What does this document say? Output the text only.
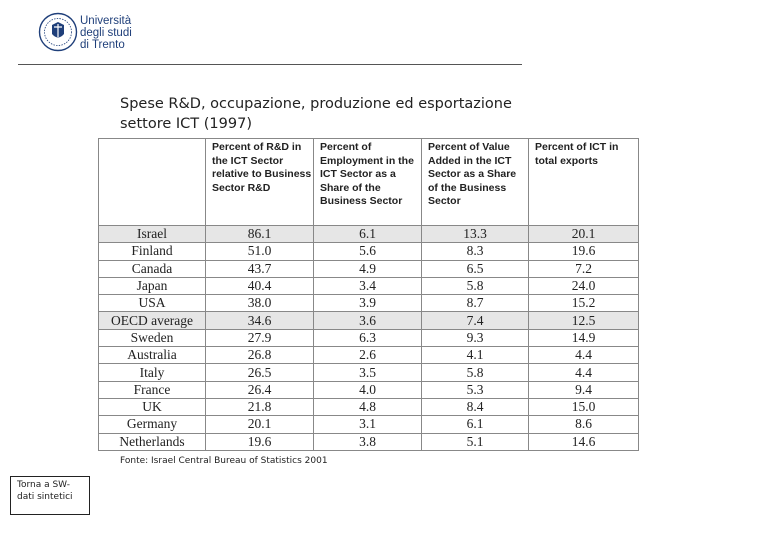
Università
degli studi
di Trento
Spese R&D, occupazione, produzione ed esportazione
settore ICT (1997)
	Percent of R&D in the ICT Sector relative to Business Sector R&D	Percent of Employment in the ICT Sector as a Share of the Business Sector	Percent of Value Added in the ICT Sector as a Share of the Business Sector	Percent of ICT in total exports
Israel	86.1	6.1	13.3	20.1
Finland	51.0	5.6	8.3	19.6
Canada	43.7	4.9	6.5	7.2
Japan	40.4	3.4	5.8	24.0
USA	38.0	3.9	8.7	15.2
OECD average	34.6	3.6	7.4	12.5
Sweden	27.9	6.3	9.3	14.9
Australia	26.8	2.6	4.1	4.4
Italy	26.5	3.5	5.8	4.4
France	26.4	4.0	5.3	9.4
UK	21.8	4.8	8.4	15.0
Germany	20.1	3.1	6.1	8.6
Netherlands	19.6	3.8	5.1	14.6
Fonte: Israel Central Bureau of Statistics 2001
Torna a SW-
dati sintetici
